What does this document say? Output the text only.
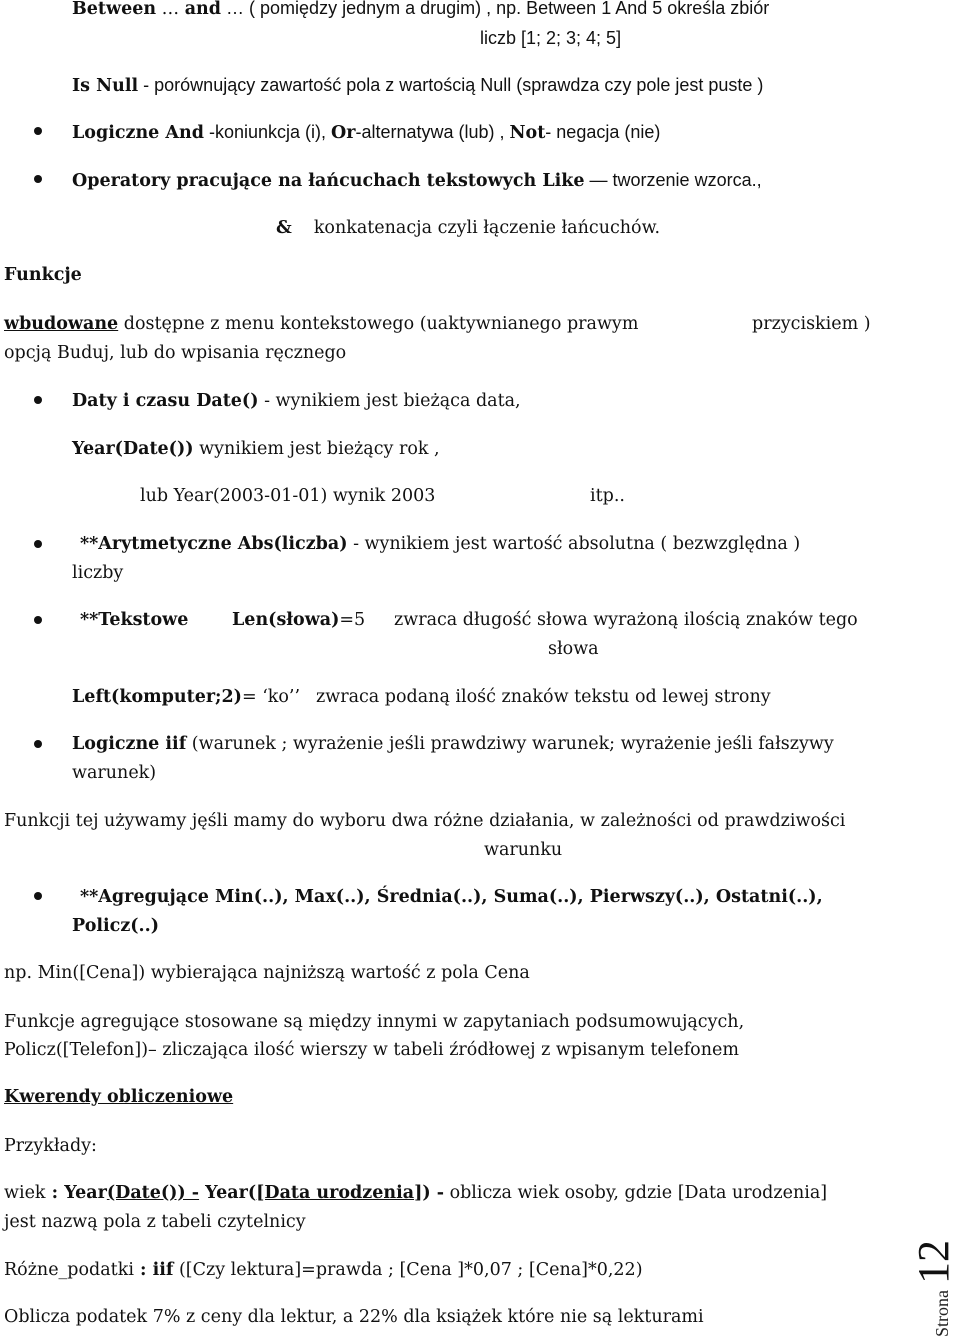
Between … and … ( pomiędzy jednym a drugim) , np. Between 1 And 5 określa zbiór
liczb [1; 2; 3; 4; 5]
Is Null - porównujący zawartość pola z wartością Null (sprawdza czy pole jest puste )
Logiczne And -koniunkcja (i), Or-alternatywa (lub) , Not- negacja (nie)
Operatory pracujące na łańcuchach tekstowych Like — tworzenie wzorca.,
& konkatenacja czyli łączenie łańcuchów.
Funkcje
wbudowane dostępne z menu kontekstowego (uaktywnianego prawym	przyciskiem )
opcją Buduj, lub do wpisania ręcznego
Daty i czasu Date() - wynikiem jest bieżąca data,
Year(Date()) wynikiem jest bieżący rok ,
lub Year(2003-01-01) wynik 2003	itp..
**Arytmetyczne Abs(liczba) - wynikiem jest wartość absolutna ( bezwzględna )
liczby
**Tekstowe Len(słowa)=5 zwraca długość słowa wyrażoną ilością znaków tego
słowa
Left(komputer;2)= ‘ko’’ zwraca podaną ilość znaków tekstu od lewej strony
Logiczne iif (warunek ; wyrażenie jeśli prawdziwy warunek; wyrażenie jeśli fałszywy
warunek)
Funkcji tej używamy jęśli mamy do wyboru dwa różne działania, w zależności od prawdziwości
warunku
**Agregujące Min(..), Max(..), Średnia(..), Suma(..), Pierwszy(..), Ostatni(..),
Policz(..)
np. Min([Cena]) wybierająca najniższą wartość z pola Cena
Funkcje agregujące stosowane są między innymi w zapytaniach podsumowujących,
Policz([Telefon])– zliczająca ilość wierszy w tabeli źródłowej z wpisanym telefonem
Kwerendy obliczeniowe
Przykłady:
wiek : Year(Date()) - Year([Data urodzenia]) - oblicza wiek osoby, gdzie [Data urodzenia]
jest nazwą pola z tabeli czytelnicy
Różne_podatki : iif ([Czy lektura]=prawda ; [Cena ]*0,07 ; [Cena]*0,22)
Oblicza podatek 7% z ceny dla lektur, a 22% dla książek które nie są lekturami	Strona12
